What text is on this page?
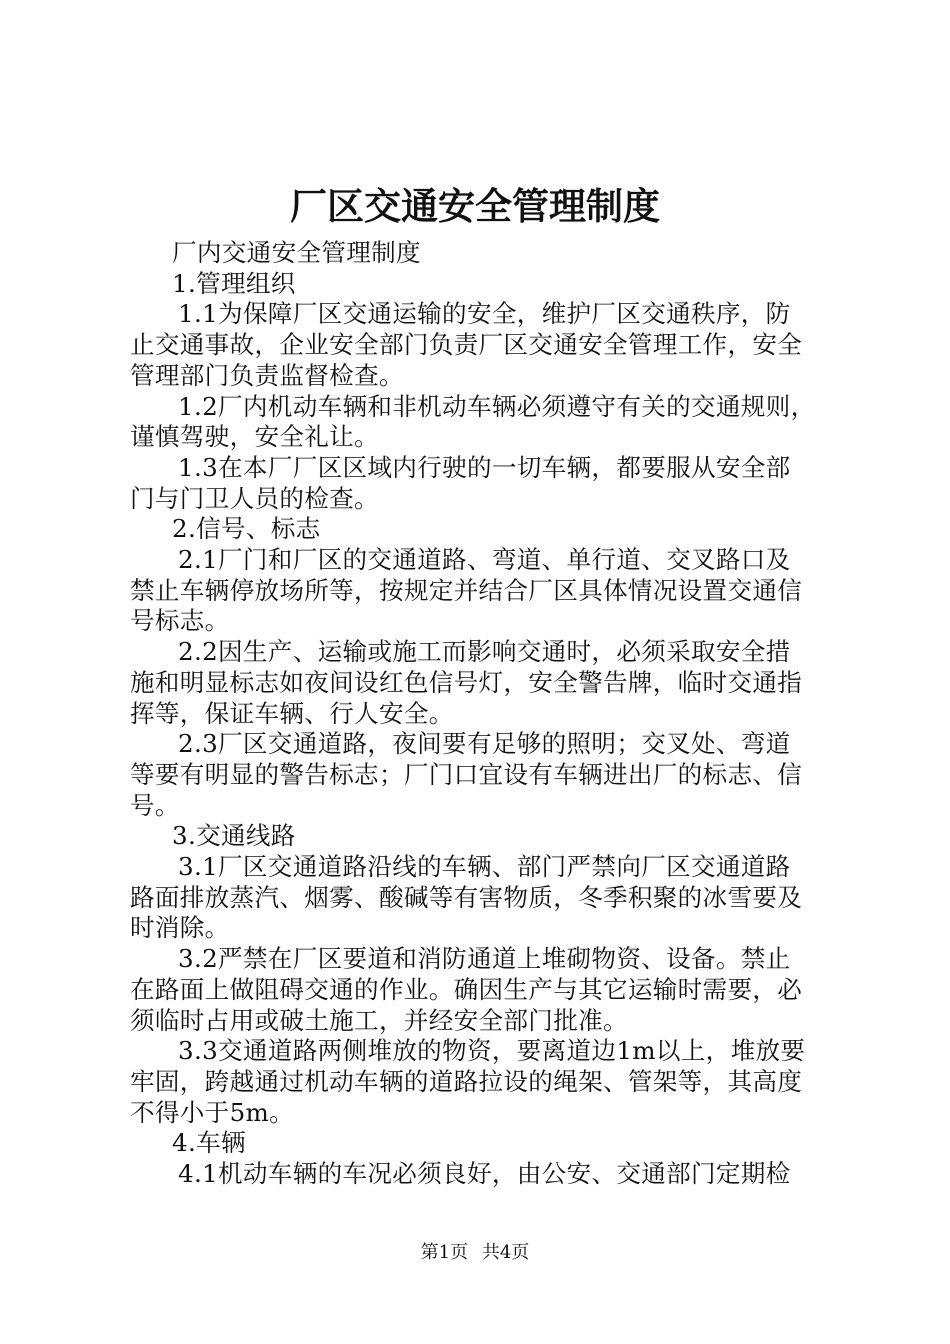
厂区交通安全管理制度

厂内交通安全管理制度

1.管理组织

1.1为保障厂区交通运输的安全，维护厂区交通秩序，防

止交通事故，企业安全部门负责厂区交通安全管理工作，安全

管理部门负责监督检查。

1.2厂内机动车辆和非机动车辆必须遵守有关的交通规则，

谨慎驾驶，安全礼让。

1.3在本厂厂区区域内行驶的一切车辆，都要服从安全部

门与门卫人员的检查。

2.信号、标志

2.1厂门和厂区的交通道路、弯道、单行道、交叉路口及

禁止车辆停放场所等，按规定并结合厂区具体情况设置交通信

号标志。

2.2因生产、运输或施工而影响交通时，必须采取安全措

施和明显标志如夜间设红色信号灯，安全警告牌，临时交通指

挥等，保证车辆、行人安全。

2.3厂区交通道路，夜间要有足够的照明；交叉处、弯道

等要有明显的警告标志；厂门口宜设有车辆进出厂的标志、信

号。

3.交通线路

3.1厂区交通道路沿线的车辆、部门严禁向厂区交通道路

路面排放蒸汽、烟雾、酸碱等有害物质，冬季积聚的冰雪要及

时消除。

3.2严禁在厂区要道和消防通道上堆砌物资、设备。禁止

在路面上做阻碍交通的作业。确因生产与其它运输时需要，必

须临时占用或破土施工，并经安全部门批准。

3.3交通道路两侧堆放的物资，要离道边1m以上，堆放要

牢固，跨越通过机动车辆的道路拉设的绳架、管架等，其高度

不得小于5m。

4.车辆

4.1机动车辆的车况必须良好，由公安、交通部门定期检

第1页 共4页
